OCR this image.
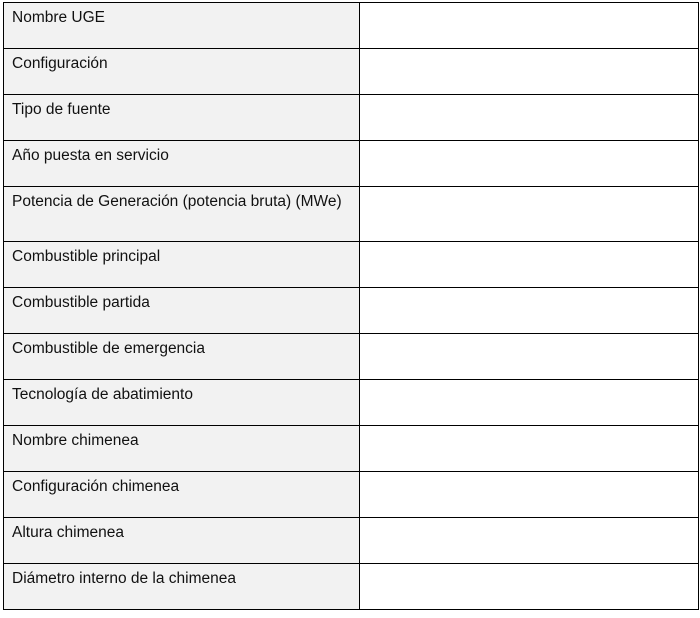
Nombre UGE	

Configuración	

Tipo de fuente	

Año puesta en servicio	

Potencia de Generación (potencia bruta) (MWe)	

Combustible principal	

Combustible partida	

Combustible de emergencia	

Tecnología de abatimiento	

Nombre chimenea	

Configuración chimenea	

Altura chimenea	

Diámetro interno de la chimenea	
